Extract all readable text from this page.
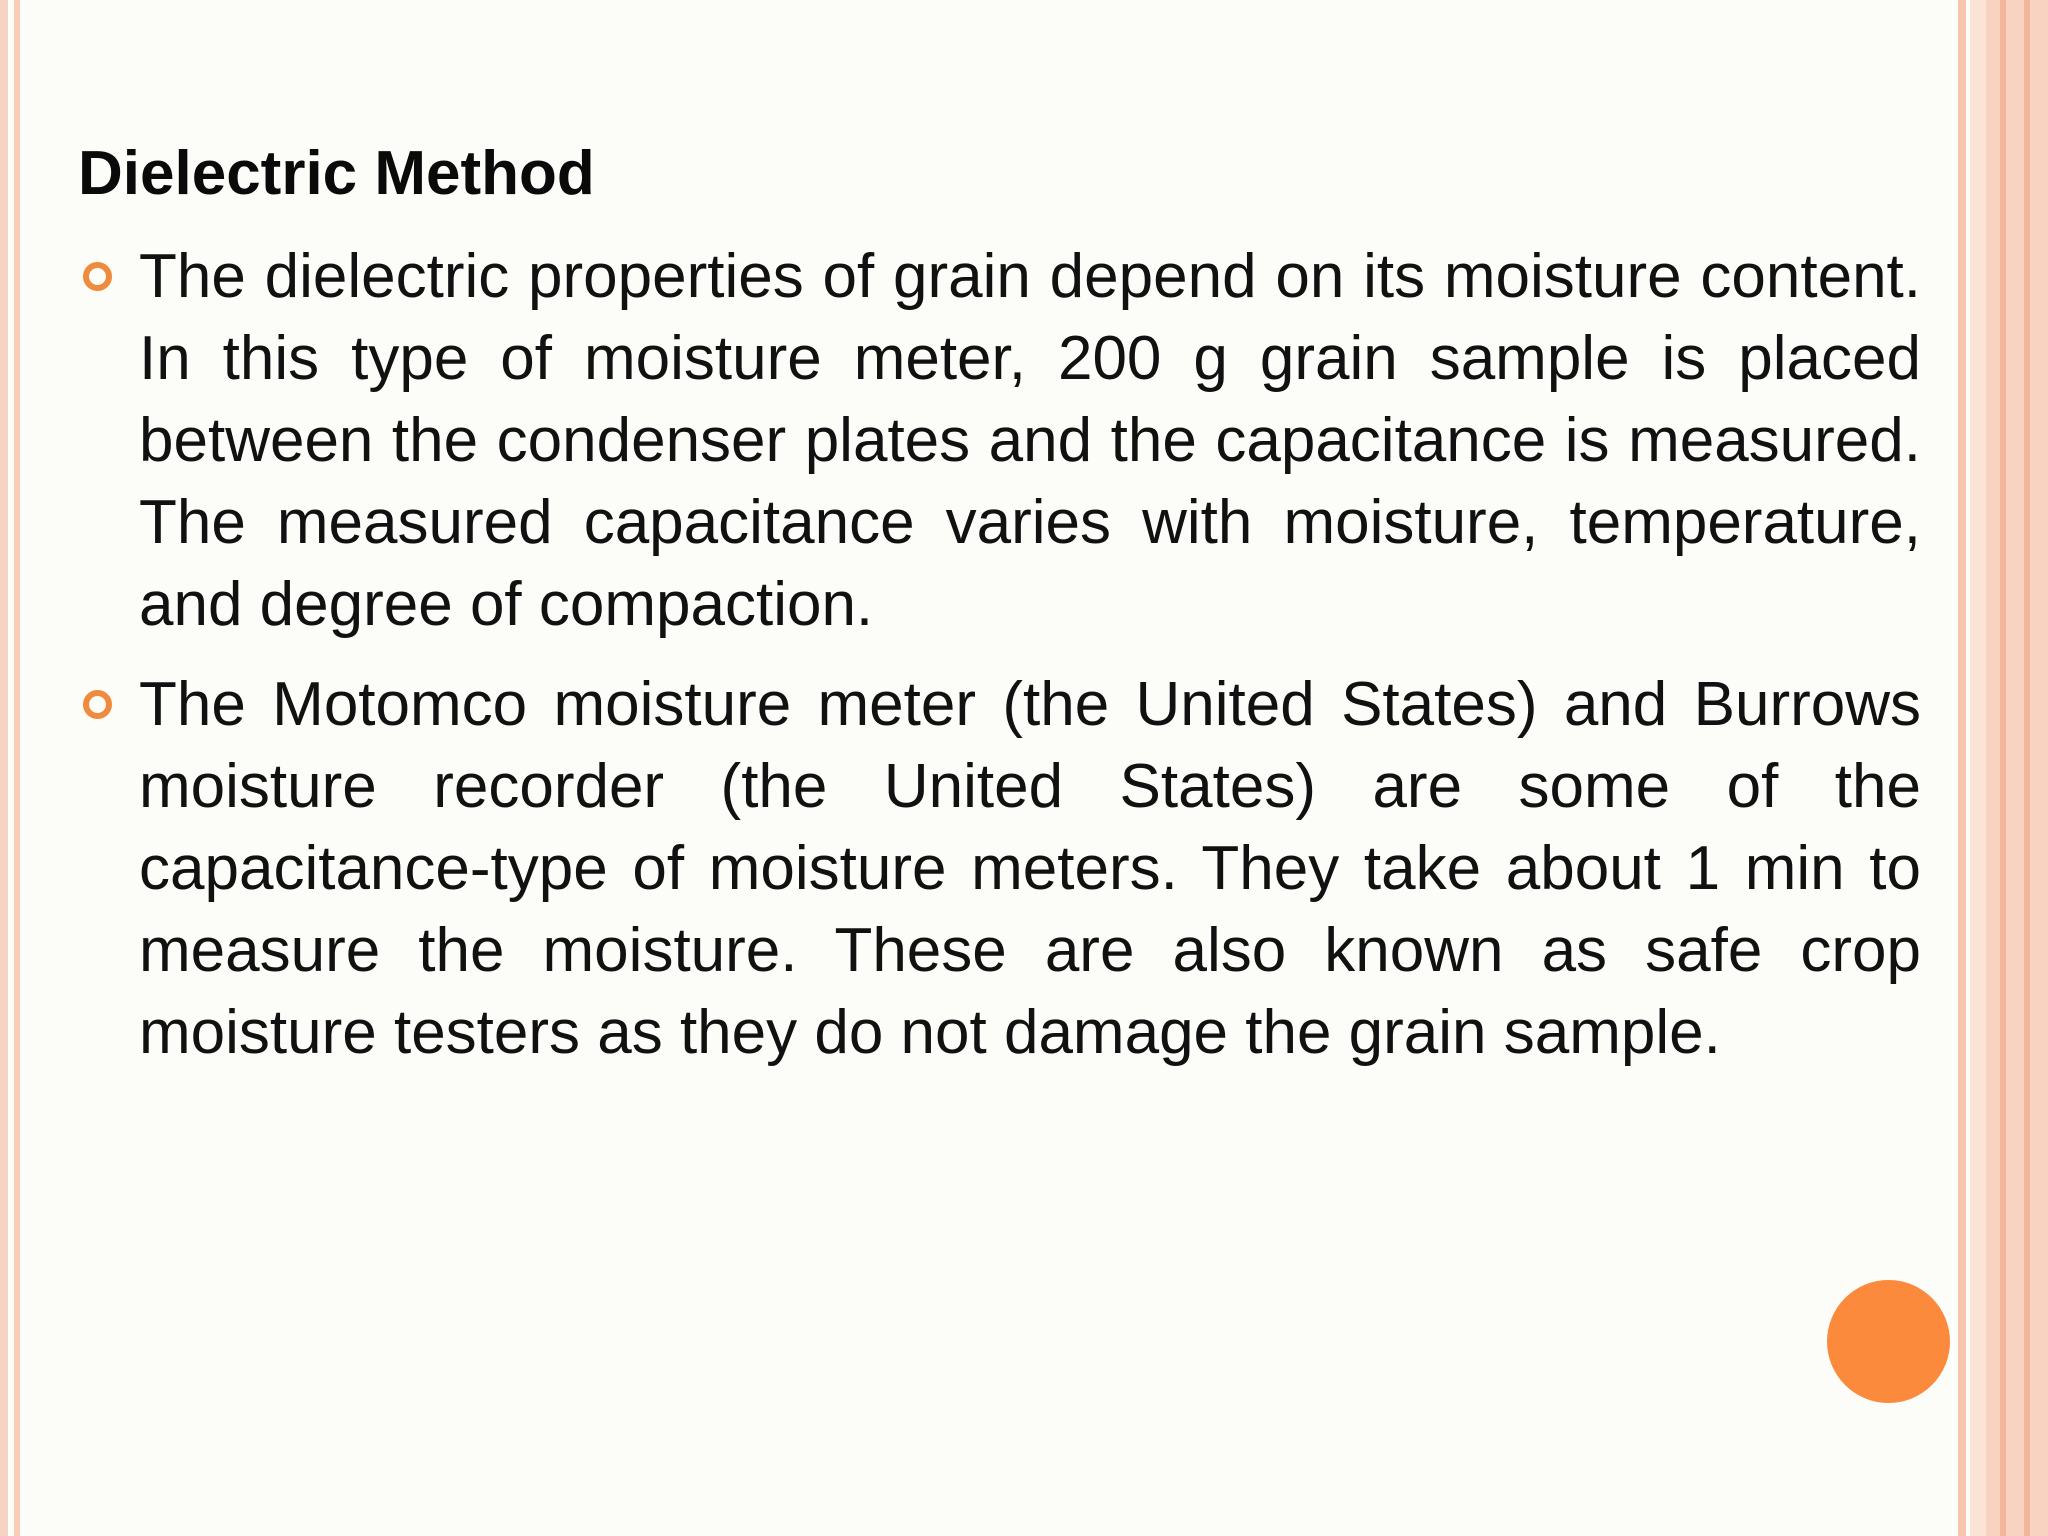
Dielectric Method
The dielectric properties of grain depend on its moisture content. In this type of moisture meter, 200 g grain sample is placed between the condenser plates and the capacitance is measured. The measured capacitance varies with moisture, temperature, and degree of compaction.
The Motomco moisture meter (the United States) and Burrows moisture recorder (the United States) are some of the capacitance-type of moisture meters. They take about 1 min to measure the moisture. These are also known as safe crop moisture testers as they do not damage the grain sample.
